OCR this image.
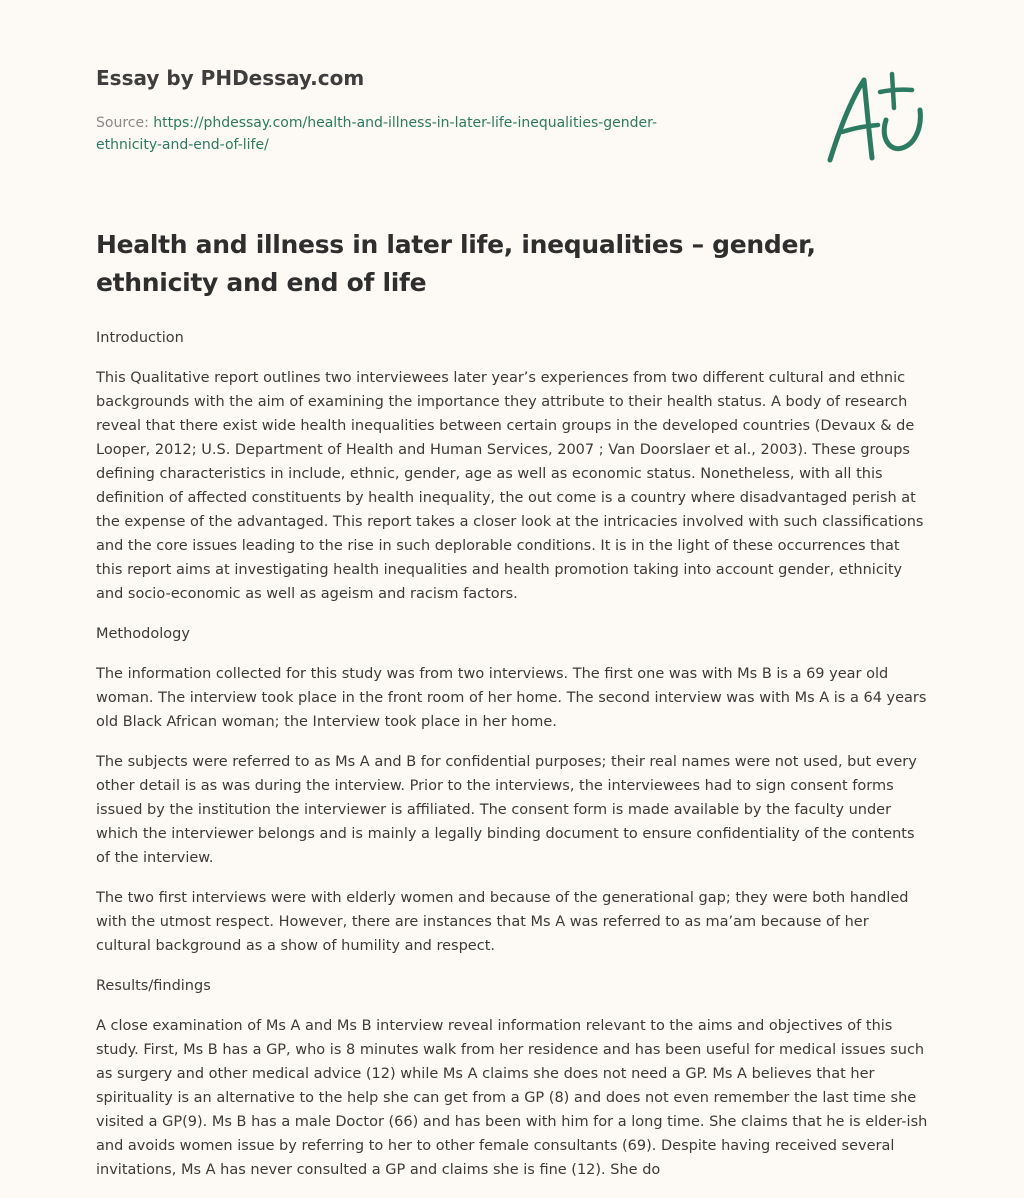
Essay by PHDessay.com
Source: https://phdessay.com/health-and-illness-in-later-life-inequalities-gender-ethnicity-and-end-of-life/
Health and illness in later life, inequalities – gender, ethnicity and end of life
Introduction

This Qualitative report outlines two interviewees later year’s experiences from two different cultural and ethnic backgrounds with the aim of examining the importance they attribute to their health status. A body of research reveal that there exist wide health inequalities between certain groups in the developed countries (Devaux & de Looper, 2012; U.S. Department of Health and Human Services, 2007 ; Van Doorslaer et al., 2003). These groups defining characteristics in include, ethnic, gender, age as well as economic status. Nonetheless, with all this definition of affected constituents by health inequality, the out come is a country where disadvantaged perish at the expense of the advantaged. This report takes a closer look at the intricacies involved with such classifications and the core issues leading to the rise in such deplorable conditions. It is in the light of these occurrences that this report aims at investigating health inequalities and health promotion taking into account gender, ethnicity and socio-economic as well as ageism and racism factors.

Methodology

The information collected for this study was from two interviews. The first one was with Ms B is a 69 year old woman. The interview took place in the front room of her home. The second interview was with Ms A is a 64 years old Black African woman; the Interview took place in her home.

The subjects were referred to as Ms A and B for confidential purposes; their real names were not used, but every other detail is as was during the interview. Prior to the interviews, the interviewees had to sign consent forms issued by the institution the interviewer is affiliated. The consent form is made available by the faculty under which the interviewer belongs and is mainly a legally binding document to ensure confidentiality of the contents of the interview.

The two first interviews were with elderly women and because of the generational gap; they were both handled with the utmost respect. However, there are instances that Ms A was referred to as ma’am because of her cultural background as a show of humility and respect.

Results/findings

A close examination of Ms A and Ms B interview reveal information relevant to the aims and objectives of this study. First, Ms B has a GP, who is 8 minutes walk from her residence and has been useful for medical issues such as surgery and other medical advice (12) while Ms A claims she does not need a GP. Ms A believes that her spirituality is an alternative to the help she can get from a GP (8) and does not even remember the last time she visited a GP(9). Ms B has a male Doctor (66) and has been with him for a long time. She claims that he is elder-ish and avoids women issue by referring to her to other female consultants (69). Despite having received several invitations, Ms A has never consulted a GP and claims she is fine (12). She do
